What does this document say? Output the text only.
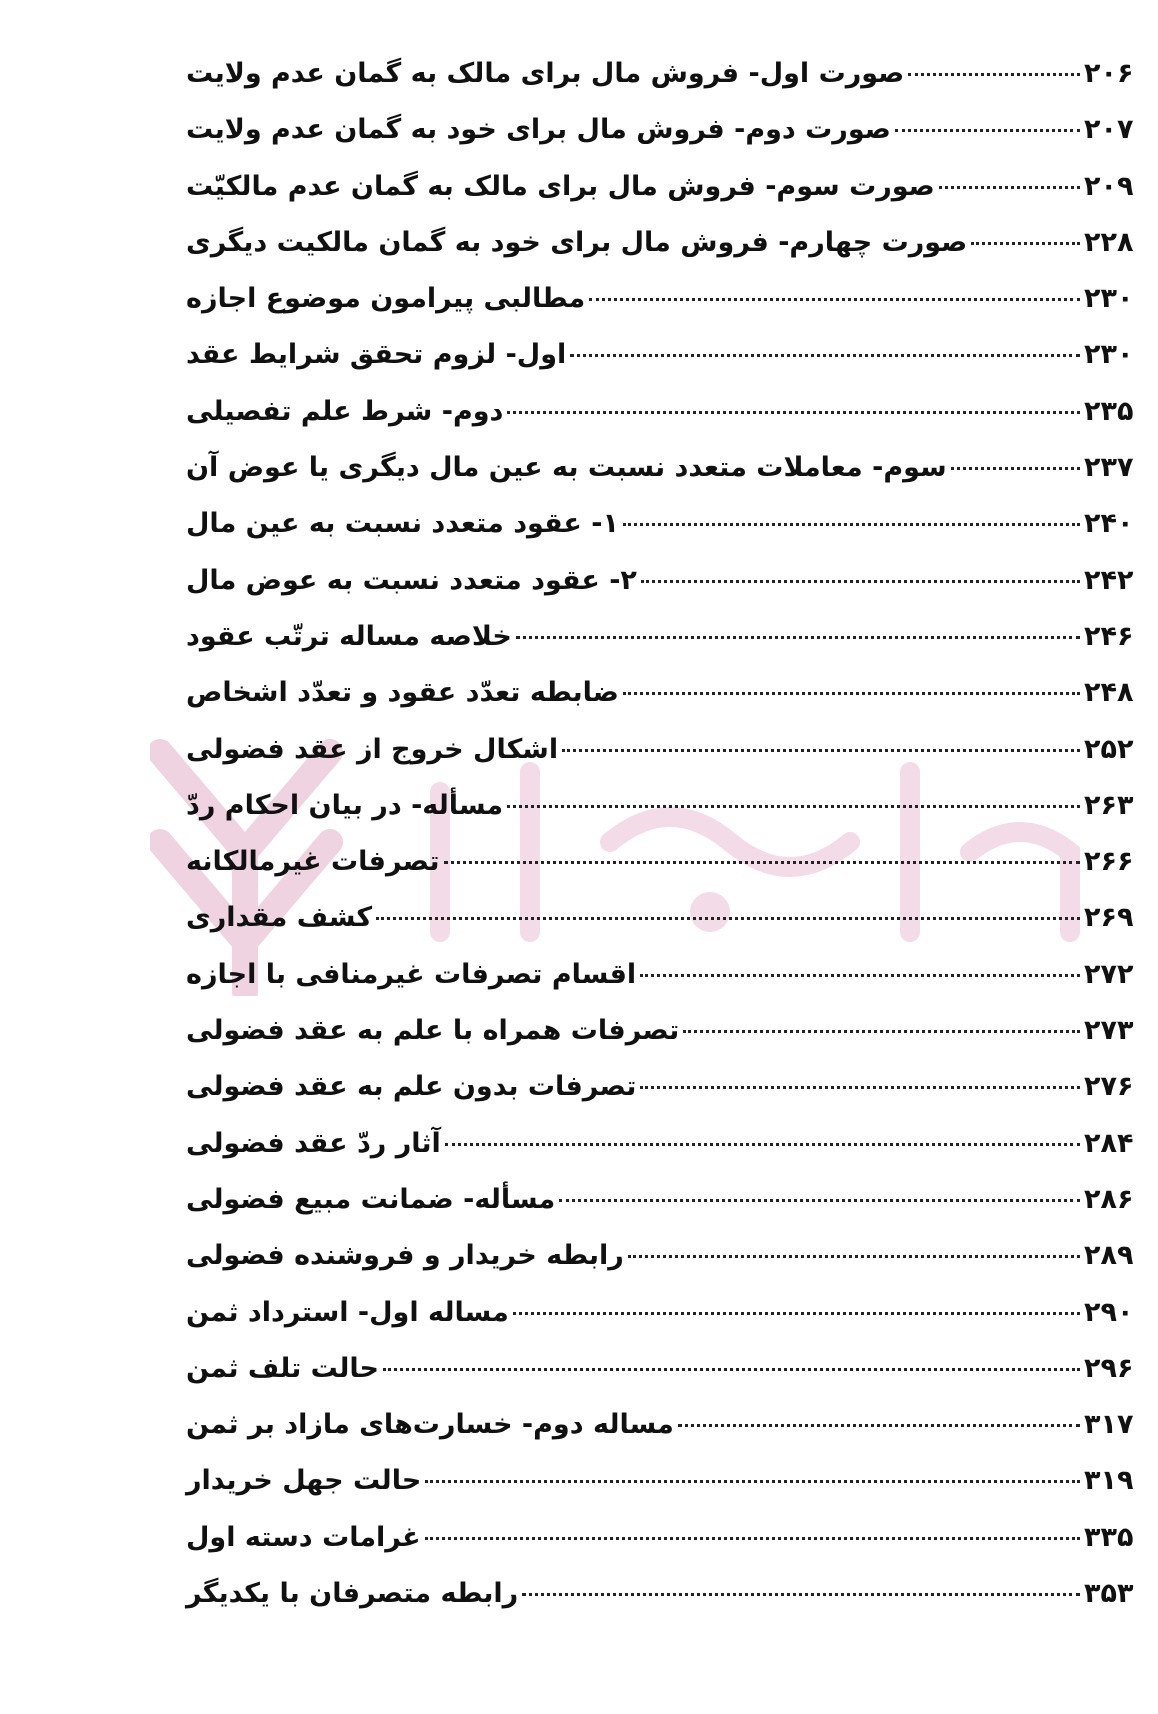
صورت اول- فروش مال برای مالک به گمان عدم ولایت	۲۰۶
صورت دوم- فروش مال برای خود به گمان عدم ولایت	۲۰۷
صورت سوم- فروش مال برای مالک به گمان عدم مالکیّت	۲۰۹
صورت چهارم- فروش مال برای خود به گمان مالکیت دیگری	۲۲۸
مطالبی پیرامون موضوع اجازه	۲۳۰
اول- لزوم تحقق شرایط عقد	۲۳۰
دوم- شرط علم تفصیلی	۲۳۵
سوم- معاملات متعدد نسبت به عین مال دیگری یا عوض آن	۲۳۷
۱- عقود متعدد نسبت به عین مال	۲۴۰
۲- عقود متعدد نسبت به عوض مال	۲۴۲
خلاصه مساله ترتّب عقود	۲۴۶
ضابطه تعدّد عقود و تعدّد اشخاص	۲۴۸
اشکال خروج از عقد فضولی	۲۵۲
مسأله- در بیان احکام ردّ	۲۶۳
تصرفات غیرمالکانه	۲۶۶
کشف مقداری	۲۶۹
اقسام تصرفات غیرمنافی با اجازه	۲۷۲
تصرفات همراه با علم به عقد فضولی	۲۷۳
تصرفات بدون علم به عقد فضولی	۲۷۶
آثار ردّ عقد فضولی	۲۸۴
مسأله- ضمانت مبیع فضولی	۲۸۶
رابطه خریدار و فروشنده فضولی	۲۸۹
مساله اول- استرداد ثمن	۲۹۰
حالت تلف ثمن	۲۹۶
مساله دوم- خسارت‌های مازاد بر ثمن	۳۱۷
حالت جهل خریدار	۳۱۹
غرامات دسته اول	۳۳۵
رابطه متصرفان با یکدیگر	۳۵۳
